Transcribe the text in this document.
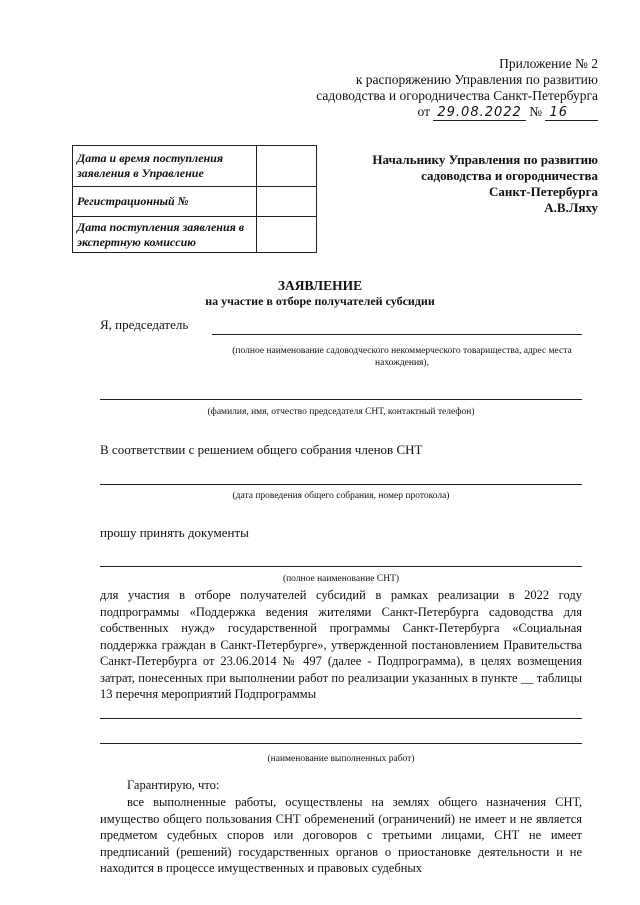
Приложение № 2
к распоряжению Управления по развитию
садоводства и огородничества Санкт-Петербурга
от 29.08.2022 № 16
Дата и время поступления заявления в Управление	
Регистрационный №	
Дата поступления заявления в экспертную комиссию	
Начальнику Управления по развитию
садоводства и огородничества
Санкт-Петербурга
А.В.Ляху
ЗАЯВЛЕНИЕ
на участие в отборе получателей субсидии
Я, председатель
(полное наименование садоводческого некоммерческого товарищества, адрес места нахождения),
(фамилия, имя, отчество председателя СНТ, контактный телефон)
В соответствии с решением общего собрания членов СНТ
(дата проведения общего собрания, номер протокола)
прошу принять документы
(полное наименование СНТ)
для участия в отборе получателей субсидий в рамках реализации в 2022 году подпрограммы «Поддержка ведения жителями Санкт-Петербурга садоводства для собственных нужд» государственной программы Санкт-Петербурга «Социальная поддержка граждан в Санкт-Петербурге», утвержденной постановлением Правительства Санкт-Петербурга от 23.06.2014 № 497 (далее - Подпрограмма), в целях возмещения затрат, понесенных при выполнении работ по реализации указанных в пункте __ таблицы 13 перечня мероприятий Подпрограммы
(наименование выполненных работ)
Гарантирую, что:
все выполненные работы, осуществлены на землях общего назначения СНТ, имущество общего пользования СНТ обременений (ограничений) не имеет и не является предметом судебных споров или договоров с третьими лицами, СНТ не имеет предписаний (решений) государственных органов о приостановке деятельности и не находится в процессе имущественных и правовых судебных
